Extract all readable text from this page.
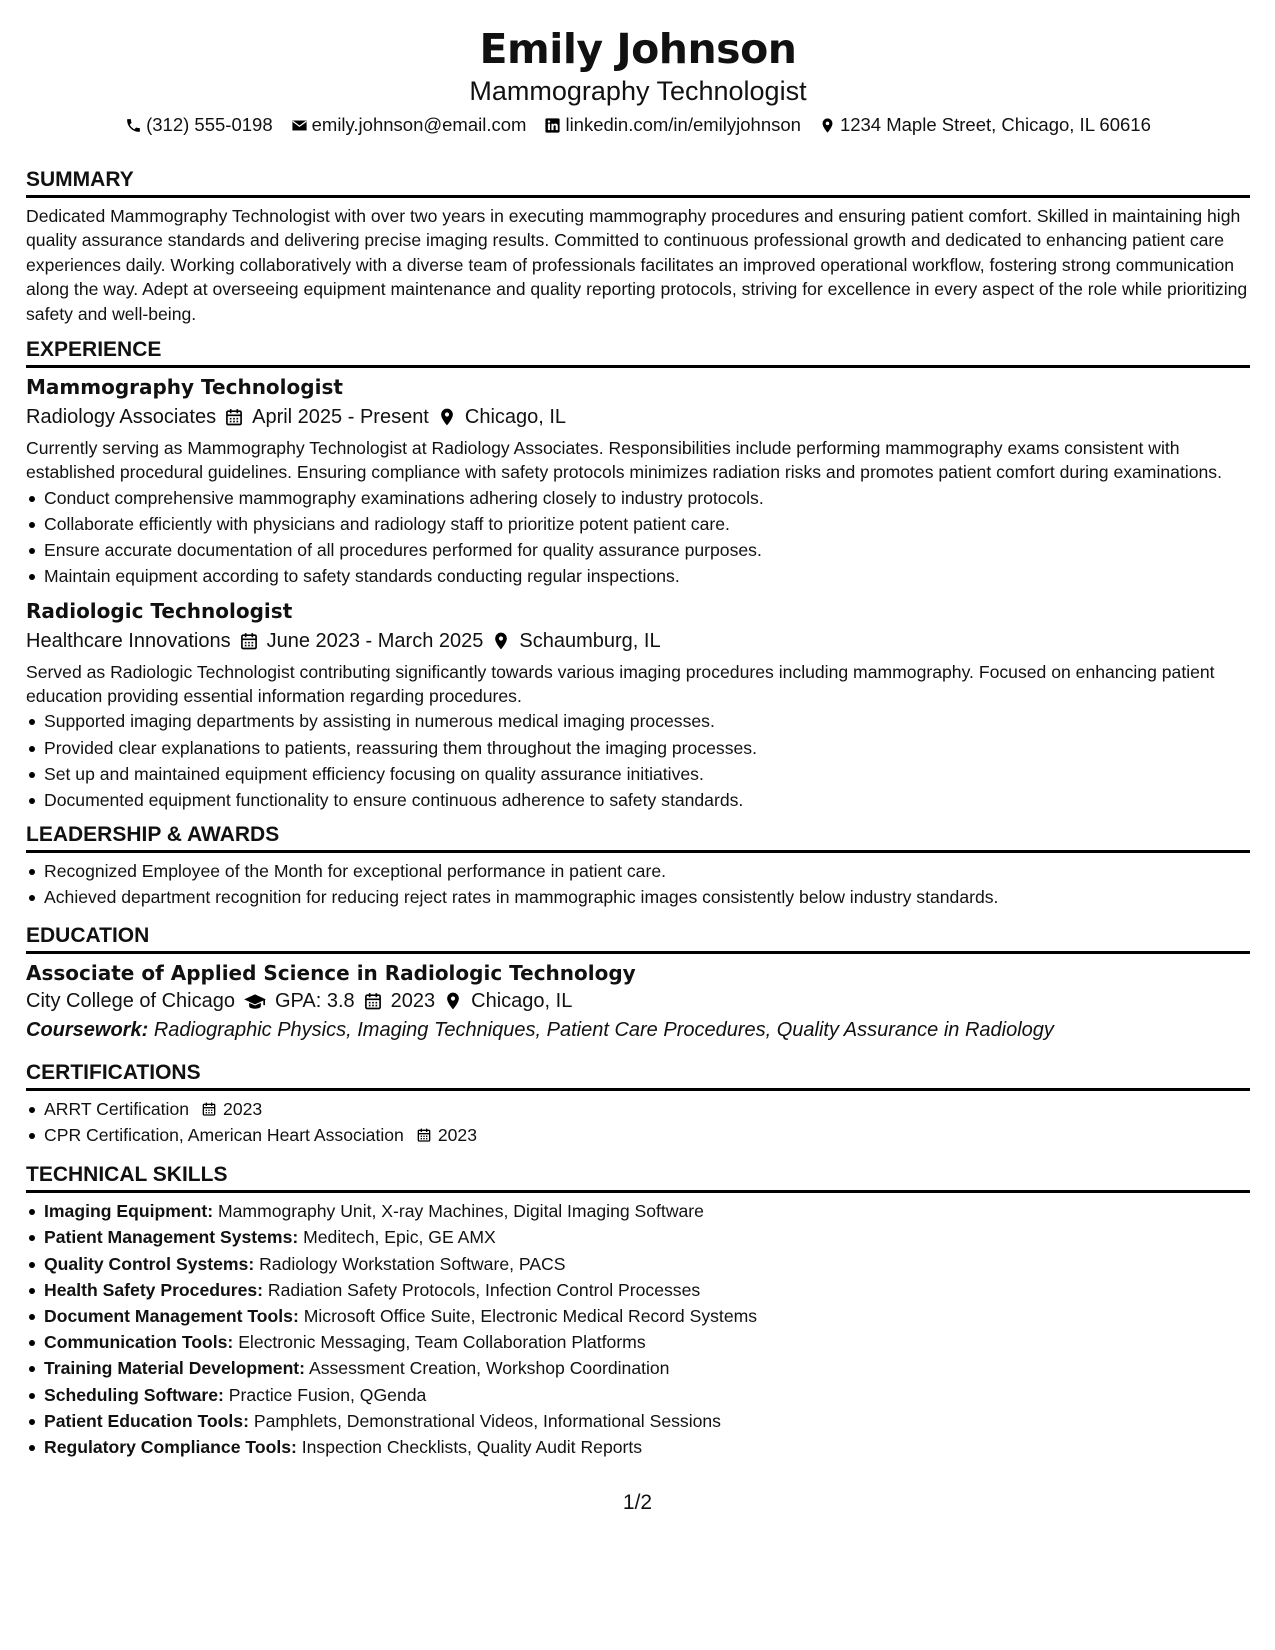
Emily Johnson
Mammography Technologist
(312) 555-0198 emily.johnson@email.com linkedin.com/in/emilyjohnson 1234 Maple Street, Chicago, IL 60616
SUMMARY

Dedicated Mammography Technologist with over two years in executing mammography procedures and ensuring patient comfort. Skilled in maintaining high quality assurance standards and delivering precise imaging results. Committed to continuous professional growth and dedicated to enhancing patient care experiences daily. Working collaboratively with a diverse team of professionals facilitates an improved operational workflow, fostering strong communication along the way. Adept at overseeing equipment maintenance and quality reporting protocols, striving for excellence in every aspect of the role while prioritizing safety and well-being.

EXPERIENCE
Mammography Technologist
Radiology Associates April 2025 - Present Chicago, IL

Currently serving as Mammography Technologist at Radiology Associates. Responsibilities include performing mammography exams consistent with established procedural guidelines. Ensuring compliance with safety protocols minimizes radiation risks and promotes patient comfort during examinations.

Conduct comprehensive mammography examinations adhering closely to industry protocols.
Collaborate efficiently with physicians and radiology staff to prioritize potent patient care.
Ensure accurate documentation of all procedures performed for quality assurance purposes.
Maintain equipment according to safety standards conducting regular inspections.
Radiologic Technologist
Healthcare Innovations June 2023 - March 2025 Schaumburg, IL

Served as Radiologic Technologist contributing significantly towards various imaging procedures including mammography. Focused on enhancing patient education providing essential information regarding procedures.

Supported imaging departments by assisting in numerous medical imaging processes.
Provided clear explanations to patients, reassuring them throughout the imaging processes.
Set up and maintained equipment efficiency focusing on quality assurance initiatives.
Documented equipment functionality to ensure continuous adherence to safety standards.
LEADERSHIP & AWARDS
Recognized Employee of the Month for exceptional performance in patient care.
Achieved department recognition for reducing reject rates in mammographic images consistently below industry standards.
EDUCATION
Associate of Applied Science in Radiologic Technology
City College of Chicago GPA: 3.8 2023 Chicago, IL

Coursework: Radiographic Physics, Imaging Techniques, Patient Care Procedures, Quality Assurance in Radiology

CERTIFICATIONS
ARRT Certification 2023
CPR Certification, American Heart Association 2023
TECHNICAL SKILLS
Imaging Equipment: Mammography Unit, X-ray Machines, Digital Imaging Software
Patient Management Systems: Meditech, Epic, GE AMX
Quality Control Systems: Radiology Workstation Software, PACS
Health Safety Procedures: Radiation Safety Protocols, Infection Control Processes
Document Management Tools: Microsoft Office Suite, Electronic Medical Record Systems
Communication Tools: Electronic Messaging, Team Collaboration Platforms
Training Material Development: Assessment Creation, Workshop Coordination
Scheduling Software: Practice Fusion, QGenda
Patient Education Tools: Pamphlets, Demonstrational Videos, Informational Sessions
Regulatory Compliance Tools: Inspection Checklists, Quality Audit Reports
1/2
